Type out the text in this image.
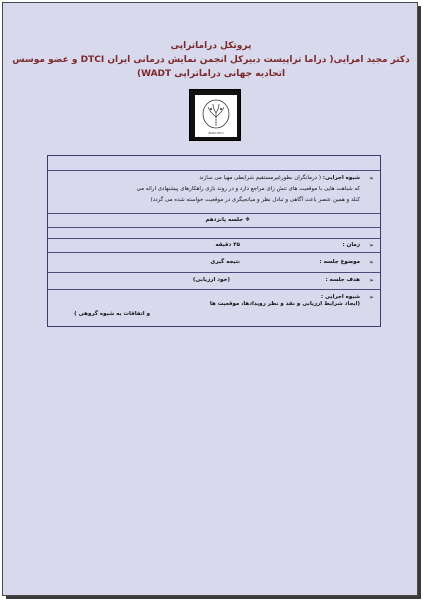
پروتکل دراماتراپی
دکتر مجید امرایی( دراما تراپیست دبیرکل انجمن نمایش درمانی ایران DTCI و عضو موسس
اتحادیه جهانی دراماتراپی WADT)
IRAN DTCI
➢
شیوه اجرایی: ( درمانگران بطورغیرمستقیم شرایطی مهیا می سازند
که شباهت هایی با موقعیت های تنش زای مراجع دارد و در روند بازی راهکارهای پیشنهادی ارائه می
کنلد و همین عنصر باعث آگاهی و تبادل نظر و میانجیگری در موقعیت خواسته شده می گردد)
❖ جلسه پانزدهم
➢
زمان :
۴۵ دقیقه
➢
موضوع جلسه :
نتیجه گیری
➢
هدف جلسه :
(خود ارزیابی)
➢
شیوه اجرایی :
(ایجاد شرایط ارزیابی و نقد و نظر رویدادها، موقعیت ها
و اتفاقات به شیوه گروهی )
